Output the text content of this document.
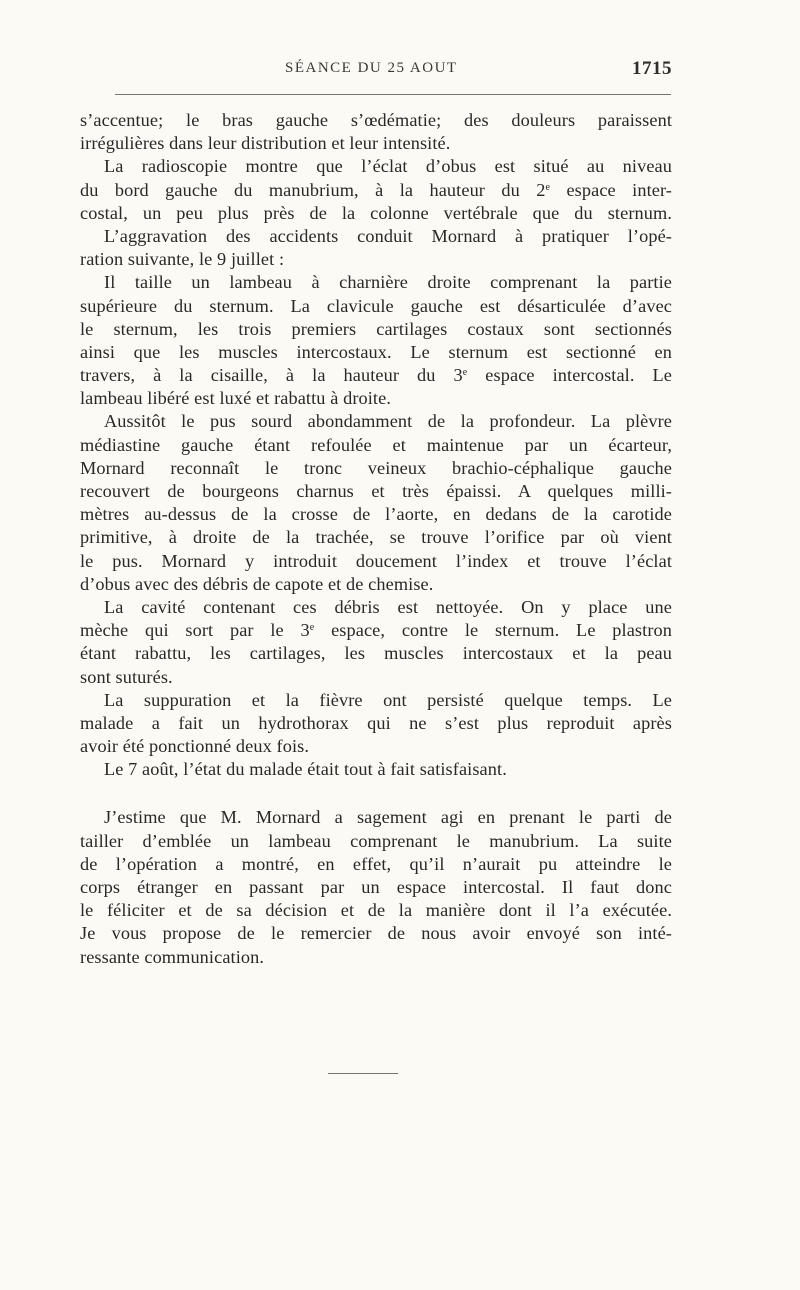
SÉANCE DU 25 AOUT	1715
s’accentue; le bras gauche s’œdématie; des douleurs paraissent
irrégulières dans leur distribution et leur intensité.
La radioscopie montre que l’éclat d’obus est situé au niveau
du bord gauche du manubrium, à la hauteur du 2e espace inter-
costal, un peu plus près de la colonne vertébrale que du sternum.
L’aggravation des accidents conduit Mornard à pratiquer l’opé-
ration suivante, le 9 juillet :
Il taille un lambeau à charnière droite comprenant la partie
supérieure du sternum. La clavicule gauche est désarticulée d’avec
le sternum, les trois premiers cartilages costaux sont sectionnés
ainsi que les muscles intercostaux. Le sternum est sectionné en
travers, à la cisaille, à la hauteur du 3e espace intercostal. Le
lambeau libéré est luxé et rabattu à droite.
Aussitôt le pus sourd abondamment de la profondeur. La plèvre
médiastine gauche étant refoulée et maintenue par un écarteur,
Mornard reconnaît le tronc veineux brachio-céphalique gauche
recouvert de bourgeons charnus et très épaissi. A quelques milli-
mètres au-dessus de la crosse de l’aorte, en dedans de la carotide
primitive, à droite de la trachée, se trouve l’orifice par où vient
le pus. Mornard y introduit doucement l’index et trouve l’éclat
d’obus avec des débris de capote et de chemise.
La cavité contenant ces débris est nettoyée. On y place une
mèche qui sort par le 3e espace, contre le sternum. Le plastron
étant rabattu, les cartilages, les muscles intercostaux et la peau
sont suturés.
La suppuration et la fièvre ont persisté quelque temps. Le
malade a fait un hydrothorax qui ne s’est plus reproduit après
avoir été ponctionné deux fois.
Le 7 août, l’état du malade était tout à fait satisfaisant.
J’estime que M. Mornard a sagement agi en prenant le parti de
tailler d’emblée un lambeau comprenant le manubrium. La suite
de l’opération a montré, en effet, qu’il n’aurait pu atteindre le
corps étranger en passant par un espace intercostal. Il faut donc
le féliciter et de sa décision et de la manière dont il l’a exécutée.
Je vous propose de le remercier de nous avoir envoyé son inté-
ressante communication.
